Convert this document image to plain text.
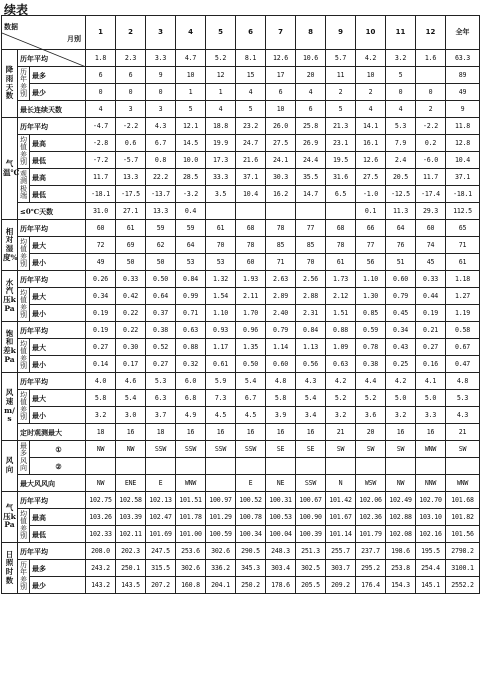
续表
月别
数据			1	2	3	4	5	6	7	8	9	10	11	12	全年
降雨天数	历年平均		1.8	2.3	3.3	4.7	5.2	8.1	12.6	10.6	5.7	4.2	3.2	1.6	63.3
	历年差别	最多	6	6	9	10	12	15	17	20	11	10	5		89
		最少	0	0	0	1	1	4	6	4	2	2	0	0	49
	最长连续天数		4	3	3	5	4	5	10	6	5	4	4	2	9
气温℃	历年平均		-4.7	-2.2	4.3	12.1	18.8	23.2	26.0	25.8	21.3	14.1	5.3	-2.2	11.8
	均值差别	最高	-2.8	0.6	6.7	14.5	19.9	24.7	27.5	26.9	23.1	16.1	7.9	0.2	12.8
		最低	-7.2	-5.7	0.8	10.0	17.3	21.6	24.1	24.4	19.5	12.6	2.4	-6.0	10.4
	观测极端	最高	11.7	13.3	22.2	28.5	33.3	37.1	30.3	35.5	31.6	27.5	20.5	11.7	37.1
		最低	-18.1	-17.5	-13.7	-3.2	3.5	10.4	16.2	14.7	6.5	-1.0	-12.5	-17.4	-18.1
	≤0℃天数		31.0	27.1	13.3	0.4						0.1	11.3	29.3	112.5
相对湿度%	历年平均		60	61	59	59	61	68	78	77	68	66	64	60	65
	均值差别	最大	72	69	62	64	70	78	85	85	78	77	76	74	71
		最小	49	50	50	53	53	60	71	70	61	56	51	45	61
水汽压kPa	历年平均		0.26	0.33	0.50	0.84	1.32	1.93	2.63	2.56	1.73	1.10	0.60	0.33	1.18
	均值差别	最大	0.34	0.42	0.64	0.99	1.54	2.11	2.89	2.88	2.12	1.30	0.79	0.44	1.27
		最小	0.19	0.22	0.37	0.71	1.10	1.70	2.40	2.31	1.51	0.85	0.45	0.19	1.19
饱和差kPa	历年平均		0.19	0.22	0.38	0.63	0.93	0.96	0.79	0.84	0.88	0.59	0.34	0.21	0.58
	均值差别	最大	0.27	0.30	0.52	0.88	1.17	1.35	1.14	1.13	1.09	0.78	0.43	0.27	0.67
		最小	0.14	0.17	0.27	0.32	0.61	0.50	0.60	0.56	0.63	0.38	0.25	0.16	0.47
风速m/s	历年平均		4.0	4.6	5.3	6.0	5.9	5.4	4.8	4.3	4.2	4.4	4.2	4.1	4.8
	均值差别	最大	5.8	5.4	6.3	6.8	7.3	6.7	5.8	5.4	5.2	5.2	5.0	5.0	5.3
		最小	3.2	3.0	3.7	4.9	4.5	4.5	3.9	3.4	3.2	3.6	3.2	3.3	4.3
	定时观测最大		18	16	18	16	16	16	16	16	21	20	16	16	21
风向	最多风向	①	NW	NW	SSW	SSW	SSW	SSW	SE	SE	SW	SW	SW	WNW	SW
		②													
	最大风风向		NW	ENE	E	WNW		E	NE	SSW	N	WSW	NW	NNW	WNW
气压kPa	历年平均		102.75	102.58	102.13	101.51	100.97	100.52	100.31	100.67	101.42	102.06	102.49	102.70	101.68
	均值差别	最高	103.26	103.39	102.47	101.78	101.29	100.78	100.53	100.90	101.67	102.36	102.88	103.10	101.82
		最低	102.33	102.11	101.69	101.00	100.59	100.34	100.04	100.39	101.14	101.79	102.08	102.16	101.56
日照时数	历年平均		208.0	202.3	247.5	253.6	302.6	290.5	248.3	251.3	255.7	237.7	198.6	195.5	2798.2
	历年差别	最多	243.2	250.1	315.5	302.6	336.2	345.3	303.4	302.5	303.7	295.2	253.8	254.4	3100.1
		最少	143.2	143.5	207.2	160.8	204.1	250.2	178.6	205.5	209.2	176.4	154.3	145.1	2552.2
